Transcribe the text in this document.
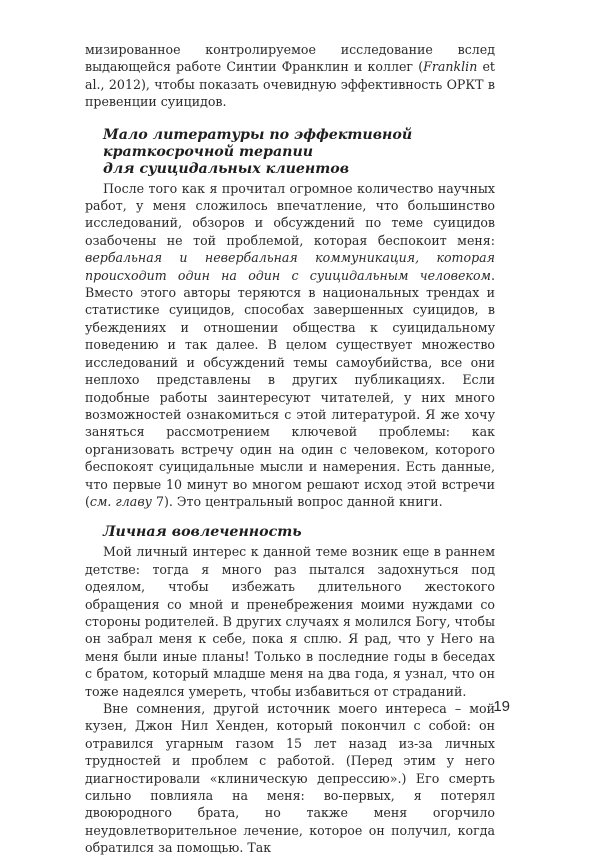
мизированное контролируемое исследование вслед выдающейся работе Синтии Франклин и коллег (Franklin et al., 2012), чтобы показать очевидную эффективность ОРКТ в превенции суицидов.

Мало литературы по эффективной
краткосрочной терапии
для суицидальных клиентов

После того как я прочитал огромное количество научных работ, у меня сложилось впечатление, что большинство исследований, обзоров и обсуждений по теме суицидов озабочены не той проблемой, которая беспокоит меня: вербальная и невербальная коммуникация, которая происходит один на один с суицидальным человеком. Вместо этого авторы теряются в национальных трендах и статистике суицидов, способах завершенных суицидов, в убеждениях и отношении общества к суицидальному поведению и так далее. В целом существует множество исследований и обсуждений темы самоубийства, все они неплохо представлены в других публикациях. Если подобные работы заинтересуют читателей, у них много возможностей ознакомиться с этой литературой. Я же хочу заняться рассмотрением ключевой проблемы: как организовать встречу один на один с человеком, которого беспокоят суицидальные мысли и намерения. Есть данные, что первые 10 минут во многом решают исход этой встречи (см. главу 7). Это центральный вопрос данной книги.

Личная вовлеченность

Мой личный интерес к данной теме возник еще в раннем детстве: тогда я много раз пытался задохнуться под одеялом, чтобы избежать длительного жестокого обращения со мной и пренебрежения моими нуждами со стороны родителей. В других случаях я молился Богу, чтобы он забрал меня к себе, пока я сплю. Я рад, что у Него на меня были иные планы! Только в последние годы в беседах с братом, который младше меня на два года, я узнал, что он тоже надеялся умереть, чтобы избавиться от страданий.

Вне сомнения, другой источник моего интереса – мой кузен, Джон Нил Хенден, который покончил с собой: он отравился угарным газом 15 лет назад из-за личных трудностей и проблем с работой. (Перед этим у него диагностировали «клиническую депрессию».) Его смерть сильно повлияла на меня: во-первых, я потерял двоюродного брата, но также меня огорчило неудовлетворительное лечение, которое он получил, когда обратился за помощью. Так

19
